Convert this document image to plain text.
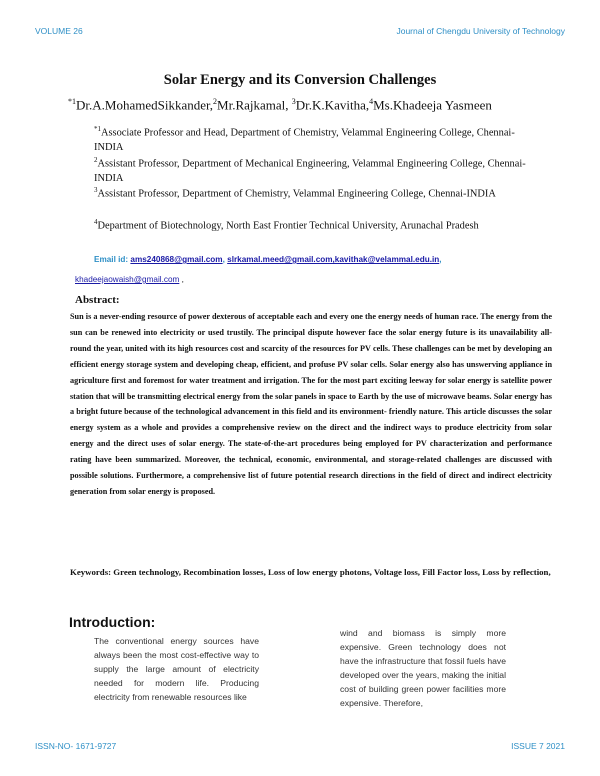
VOLUME 26	Journal of Chengdu University of Technology
Solar Energy and its Conversion Challenges
$^{*1}$Dr.A.MohamedSikkander,$^2$Mr.Rajkamal, $^3$Dr.K.Kavitha,$^4$Ms.Khadeeja Yasmeen
$^{*1}$Associate Professor and Head, Department of Chemistry, Velammal Engineering College, Chennai-INDIA
$^2$Assistant Professor, Department of Mechanical Engineering, Velammal Engineering College, Chennai-INDIA
$^3$Assistant Professor, Department of Chemistry, Velammal Engineering College, Chennai-INDIA
$^4$Department of Biotechnology, North East Frontier Technical University, Arunachal Pradesh
Email id: ams240868@gmail.com, slrkamal.meed@gmail.com,kavithak@velammal.edu.in,
khadeejaowaish@gmail.com ,
Abstract:
Sun is a never-ending resource of power dexterous of acceptable each and every one the energy needs of human race. The energy from the sun can be renewed into electricity or used trustily. The principal dispute however face the solar energy future is its unavailability all-round the year, united with its high resources cost and scarcity of the resources for PV cells. These challenges can be met by developing an efficient energy storage system and developing cheap, efficient, and profuse PV solar cells. Solar energy also has unswerving appliance in agriculture first and foremost for water treatment and irrigation. The for the most part exciting leeway for solar energy is satellite power station that will be transmitting electrical energy from the solar panels in space to Earth by the use of microwave beams. Solar energy has a bright future because of the technological advancement in this field and its environment- friendly nature. This article discusses the solar energy system as a whole and provides a comprehensive review on the direct and the indirect ways to produce electricity from solar energy and the direct uses of solar energy. The state-of-the-art procedures being employed for PV characterization and performance rating have been summarized. Moreover, the technical, economic, environmental, and storage-related challenges are discussed with possible solutions. Furthermore, a comprehensive list of future potential research directions in the field of direct and indirect electricity generation from solar energy is proposed.
Keywords: Green technology, Recombination losses, Loss of low energy photons, Voltage loss, Fill Factor loss, Loss by reflection,
Introduction:
The conventional energy sources have always been the most cost-effective way to supply the large amount of electricity needed for modern life. Producing electricity from renewable resources like
wind and biomass is simply more expensive. Green technology does not have the infrastructure that fossil fuels have developed over the years, making the initial cost of building green power facilities more expensive. Therefore,
ISSN-NO- 1671-9727	ISSUE 7 2021
